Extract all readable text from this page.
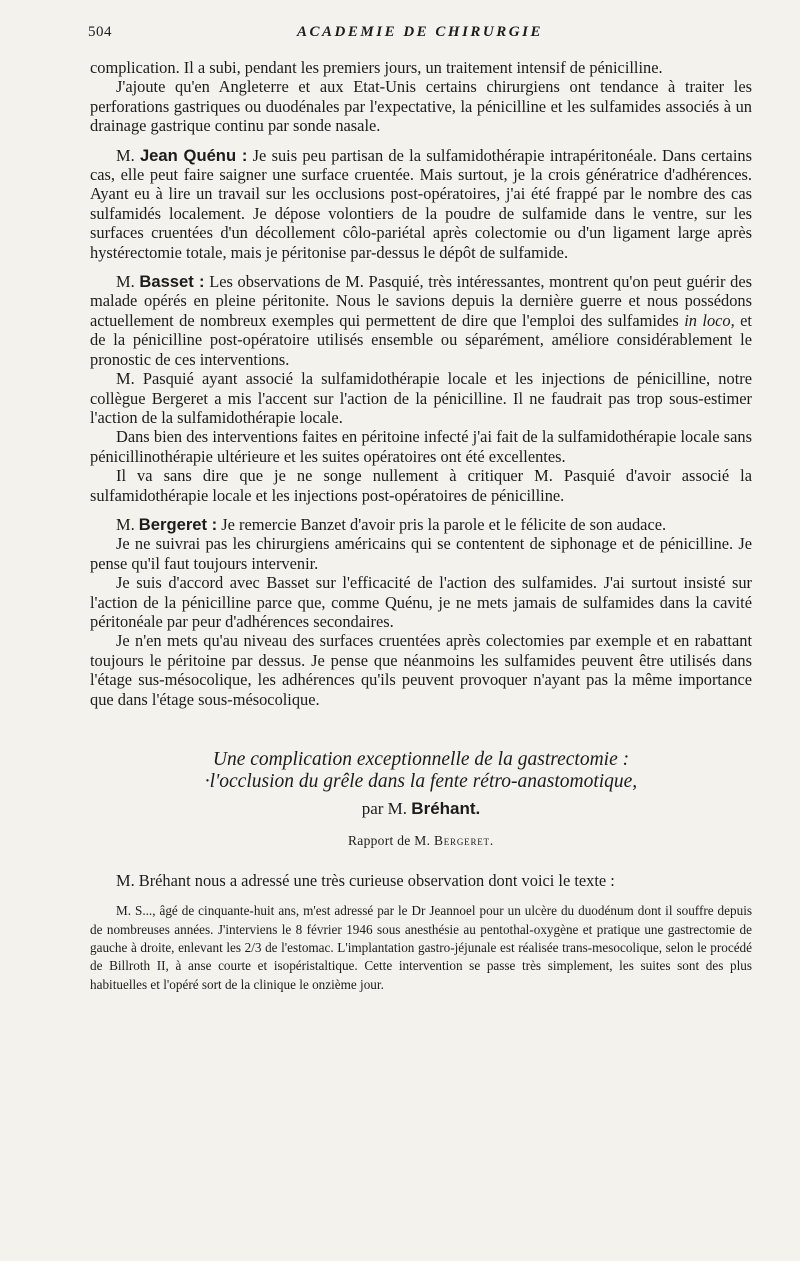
504	ACADEMIE DE CHIRURGIE

complication. Il a subi, pendant les premiers jours, un traitement intensif de pénicilline.

J'ajoute qu'en Angleterre et aux Etat-Unis certains chirurgiens ont tendance à traiter les perforations gastriques ou duodénales par l'expectative, la pénicilline et les sulfamides associés à un drainage gastrique continu par sonde nasale.

M. Jean Quénu : Je suis peu partisan de la sulfamidothérapie intrapéritonéale. Dans certains cas, elle peut faire saigner une surface cruentée. Mais surtout, je la crois génératrice d'adhérences. Ayant eu à lire un travail sur les occlusions post-opératoires, j'ai été frappé par le nombre des cas sulfamidés localement. Je dépose volontiers de la poudre de sulfamide dans le ventre, sur les surfaces cruentées d'un décollement côlo-pariétal après colectomie ou d'un ligament large après hystérectomie totale, mais je péritonise par-dessus le dépôt de sulfamide.

M. Basset : Les observations de M. Pasquié, très intéressantes, montrent qu'on peut guérir des malade opérés en pleine péritonite. Nous le savions depuis la dernière guerre et nous possédons actuellement de nombreux exemples qui permettent de dire que l'emploi des sulfamides in loco, et de la pénicilline post-opératoire utilisés ensemble ou séparément, améliore considérablement le pronostic de ces interventions.

M. Pasquié ayant associé la sulfamidothérapie locale et les injections de pénicilline, notre collègue Bergeret a mis l'accent sur l'action de la pénicilline. Il ne faudrait pas trop sous-estimer l'action de la sulfamidothérapie locale.

Dans bien des interventions faites en péritoine infecté j'ai fait de la sulfamidothérapie locale sans pénicillinothérapie ultérieure et les suites opératoires ont été excellentes.

Il va sans dire que je ne songe nullement à critiquer M. Pasquié d'avoir associé la sulfamidothérapie locale et les injections post-opératoires de pénicilline.

M. Bergeret : Je remercie Banzet d'avoir pris la parole et le félicite de son audace.

Je ne suivrai pas les chirurgiens américains qui se contentent de siphonage et de pénicilline. Je pense qu'il faut toujours intervenir.

Je suis d'accord avec Basset sur l'efficacité de l'action des sulfamides. J'ai surtout insisté sur l'action de la pénicilline parce que, comme Quénu, je ne mets jamais de sulfamides dans la cavité péritonéale par peur d'adhérences secondaires.

Je n'en mets qu'au niveau des surfaces cruentées après colectomies par exemple et en rabattant toujours le péritoine par dessus. Je pense que néanmoins les sulfamides peuvent être utilisés dans l'étage sus-mésocolique, les adhérences qu'ils peuvent provoquer n'ayant pas la même importance que dans l'étage sous-mésocolique.

Une complication exceptionnelle de la gastrectomie :
·l'occlusion du grêle dans la fente rétro-anastomotique,
par M. Bréhant.
Rapport de M. Bergeret.

M. Bréhant nous a adressé une très curieuse observation dont voici le texte :

M. S..., âgé de cinquante-huit ans, m'est adressé par le Dr Jeannoel pour un ulcère du duodénum dont il souffre depuis de nombreuses années. J'interviens le 8 février 1946 sous anesthésie au pentothal-oxygène et pratique une gastrectomie de gauche à droite, enlevant les 2/3 de l'estomac. L'implantation gastro-jéjunale est réalisée trans-mesocolique, selon le procédé de Billroth II, à anse courte et isopéristaltique. Cette intervention se passe très simplement, les suites sont des plus habituelles et l'opéré sort de la clinique le onzième jour.
